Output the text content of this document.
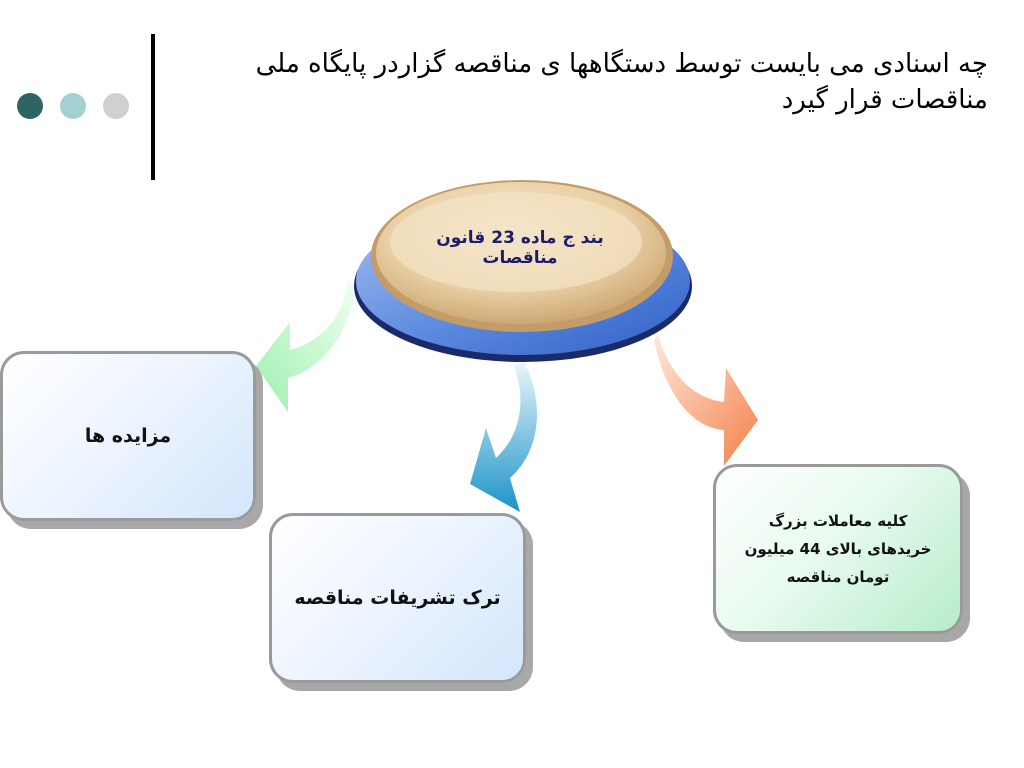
چه اسنادی می بایست توسط دستگاهها ی مناقصه گزاردر پایگاه ملی مناقصات قرار گیرد
بند ج ماده 23 قانون مناقصات
مزایده ها
ترک تشریفات مناقصه
کلیه معاملات بزرگ خریدهای بالای 44 میلیون تومان مناقصه
